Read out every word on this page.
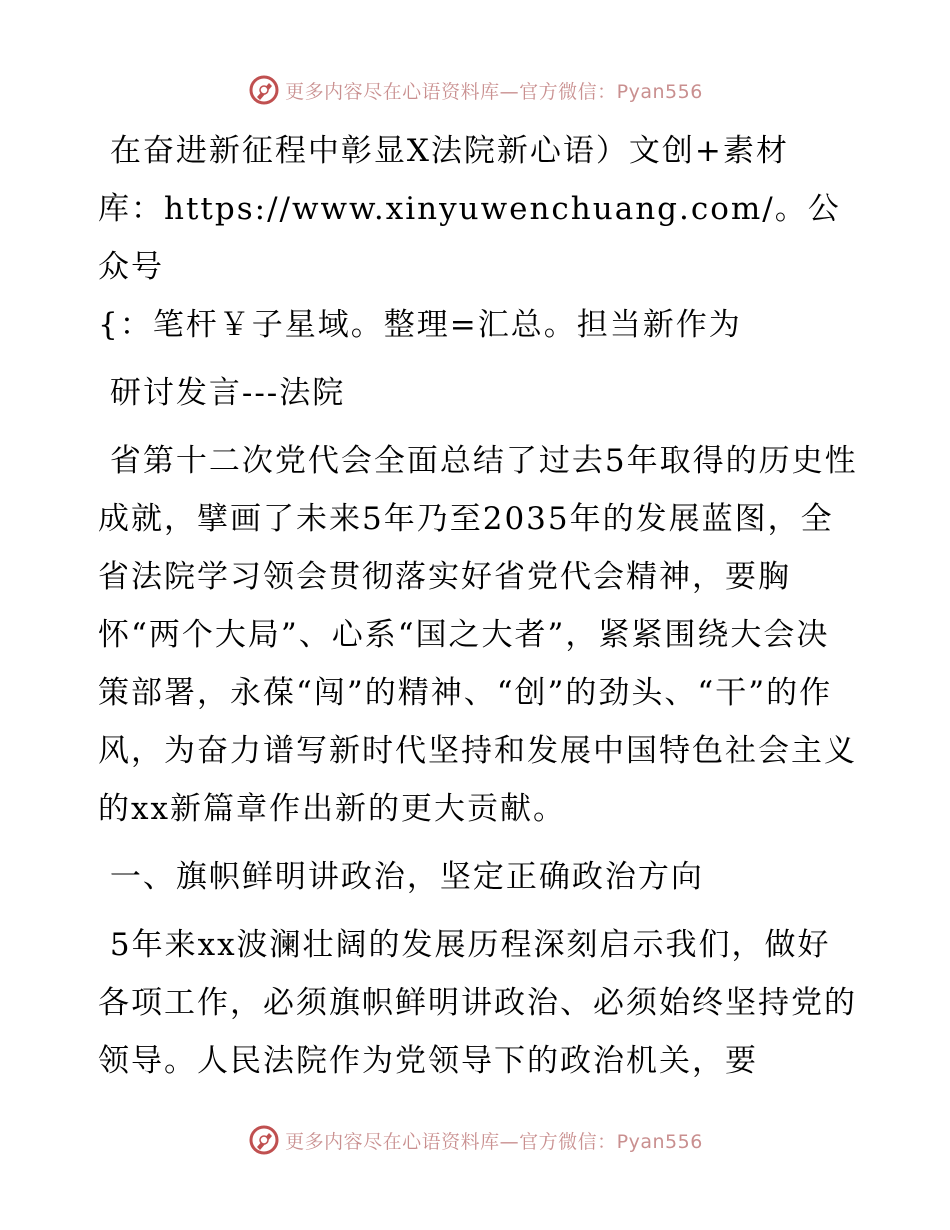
更多内容尽在心语资料库—官方微信：Pyan556

在奋进新征程中彰显X法院新心语）文创+素材

库：https://www.xinyuwenchuang.com/。公众号

{：笔杆￥子星域。整理=汇总。担当新作为

研讨发言---法院

省第十二次党代会全面总结了过去5年取得的历史性成就，擘画了未来5年乃至2035年的发展蓝图，全省法院学习领会贯彻落实好省党代会精神，要胸怀“两个大局”、心系“国之大者”，紧紧围绕大会决策部署，永葆“闯”的精神、“创”的劲头、“干”的作风，为奋力谱写新时代坚持和发展中国特色社会主义的xx新篇章作出新的更大贡献。

一、旗帜鲜明讲政治，坚定正确政治方向

5年来xx波澜壮阔的发展历程深刻启示我们，做好各项工作，必须旗帜鲜明讲政治、必须始终坚持党的领导。人民法院作为党领导下的政治机关，要

更多内容尽在心语资料库—官方微信：Pyan556
